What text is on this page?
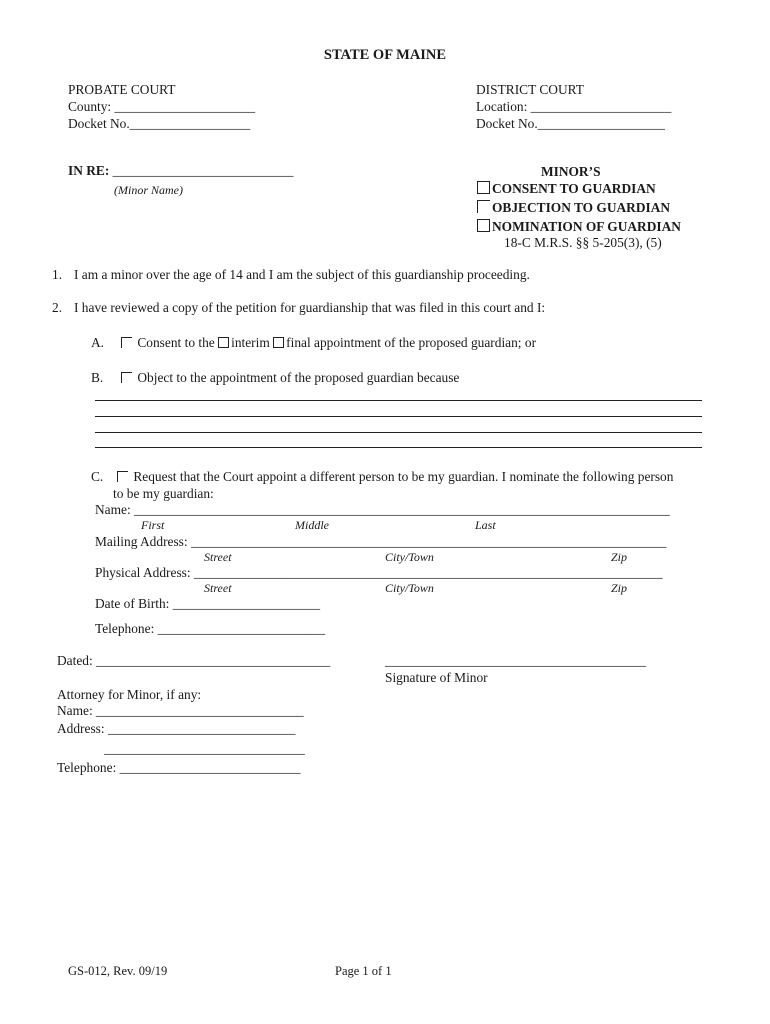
STATE OF MAINE
PROBATE COURT
County: _____________________
Docket No.__________________
DISTRICT COURT
Location: _____________________
Docket No.___________________
IN RE: ___________________________
(Minor Name)
MINOR’S
CONSENT TO GUARDIAN
OBJECTION TO GUARDIAN
NOMINATION OF GUARDIAN
18-C M.R.S. §§ 5-205(3), (5)
1. I am a minor over the age of 14 and I am the subject of this guardianship proceeding.
2. I have reviewed a copy of the petition for guardianship that was filed in this court and I:
A.	Consent to the interim final appointment of the proposed guardian; or
B.	Object to the appointment of the proposed guardian because
C.	Request that the Court appoint a different person to be my guardian. I nominate the following person
to be my guardian:
Name: ________________________________________________________________________________
First	Middle	Last
Mailing Address: _______________________________________________________________________
Street	City/Town	Zip
Physical Address: ______________________________________________________________________
Street	City/Town	Zip
Date of Birth: ______________________
Telephone: _________________________
Dated: ___________________________________	_______________________________________
Signature of Minor
Attorney for Minor, if any:
Name: _______________________________
Address: ____________________________
______________________________
Telephone: ___________________________
GS-012, Rev. 09/19	Page 1 of 1
